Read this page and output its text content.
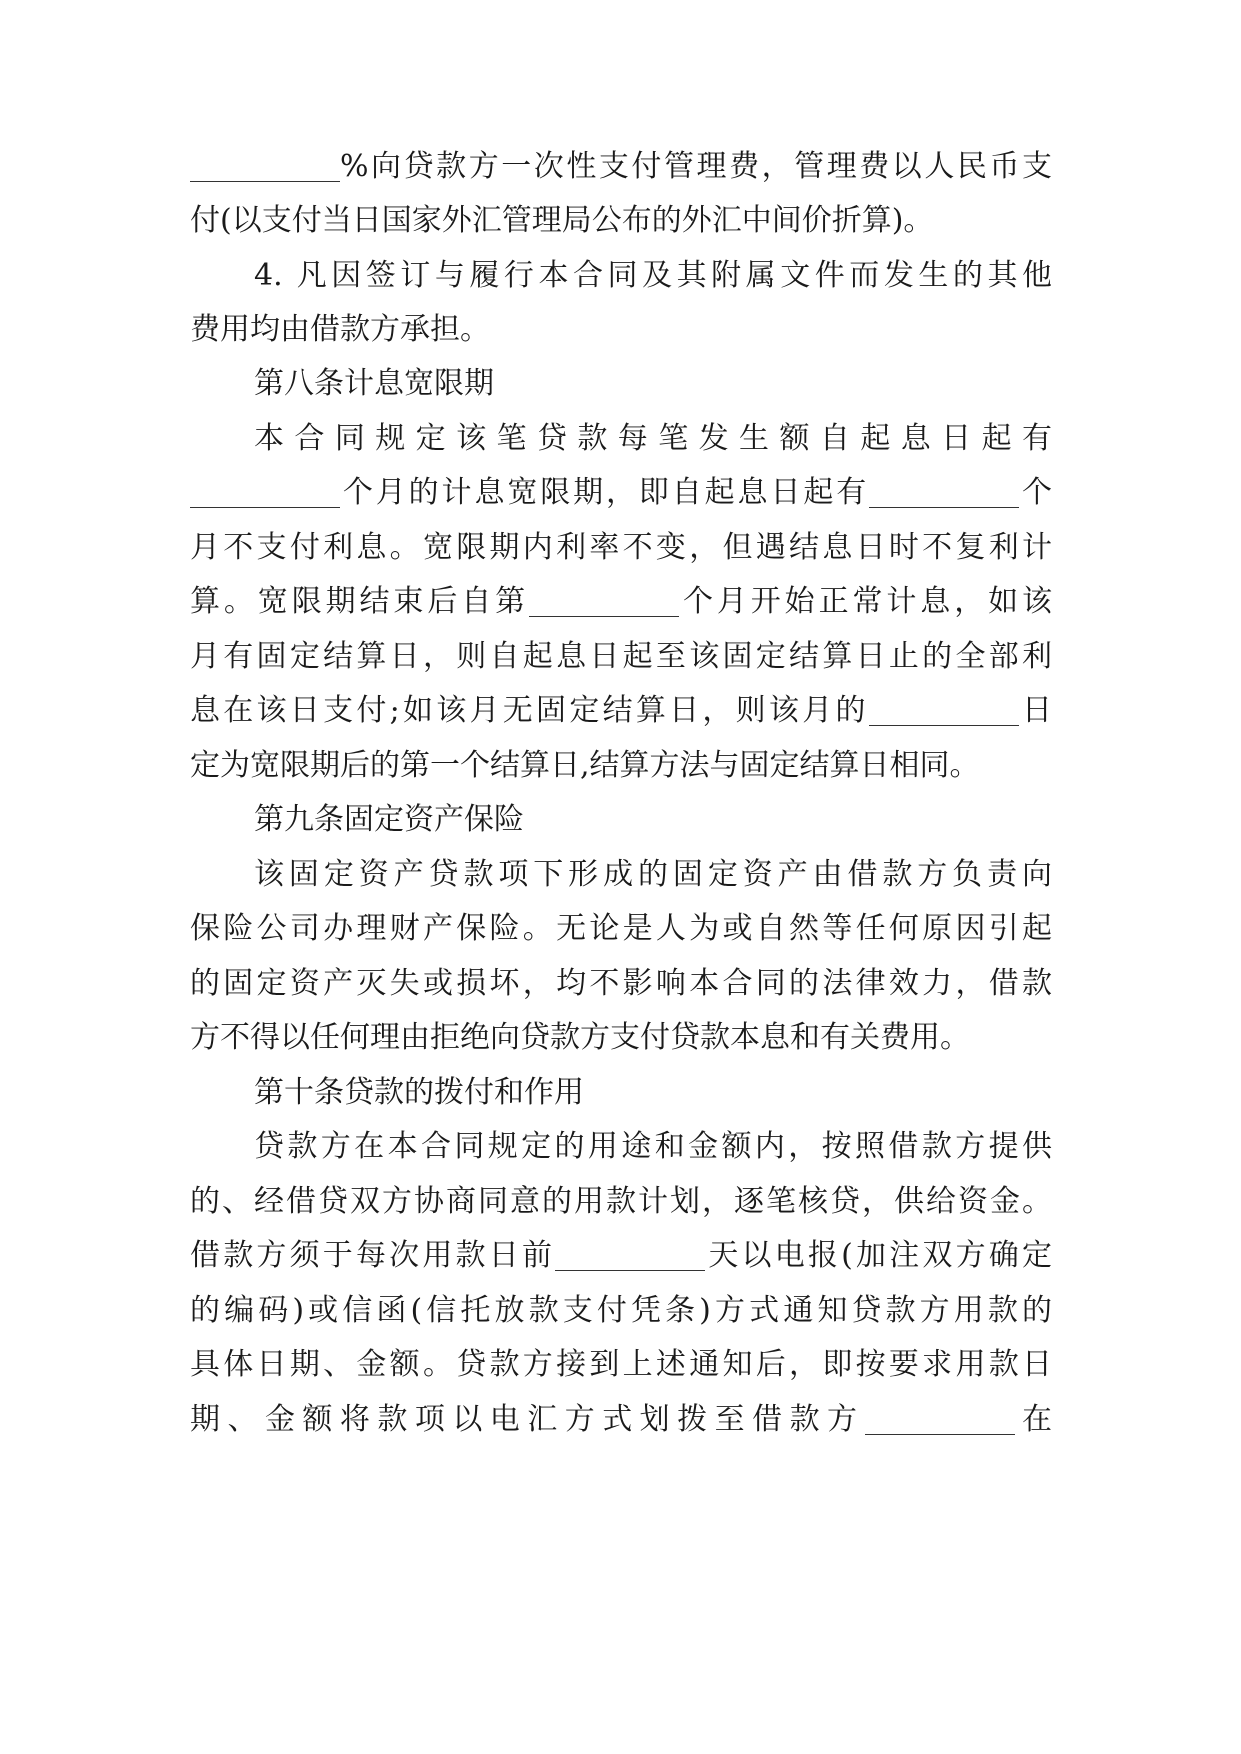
%向贷款方一次性支付管理费，管理费以人民币支
付(以支付当日国家外汇管理局公布的外汇中间价折算)。
4. 凡因签订与履行本合同及其附属文件而发生的其他
费用均由借款方承担。
第八条计息宽限期
本合同规定该笔贷款每笔发生额自起息日起有
个月的计息宽限期，即自起息日起有	个
月不支付利息。宽限期内利率不变，但遇结息日时不复利计
算。宽限期结束后自第	个月开始正常计息，如该
月有固定结算日，则自起息日起至该固定结算日止的全部利
息在该日支付;如该月无固定结算日，则该月的	日
定为宽限期后的第一个结算日,结算方法与固定结算日相同。
第九条固定资产保险
该固定资产贷款项下形成的固定资产由借款方负责向
保险公司办理财产保险。无论是人为或自然等任何原因引起
的固定资产灭失或损坏，均不影响本合同的法律效力，借款
方不得以任何理由拒绝向贷款方支付贷款本息和有关费用。
第十条贷款的拨付和作用
贷款方在本合同规定的用途和金额内，按照借款方提供
的、经借贷双方协商同意的用款计划，逐笔核贷，供给资金。
借款方须于每次用款日前	天以电报(加注双方确定
的编码)或信函(信托放款支付凭条)方式通知贷款方用款的
具体日期、金额。贷款方接到上述通知后，即按要求用款日
期、金额将款项以电汇方式划拨至借款方	在
